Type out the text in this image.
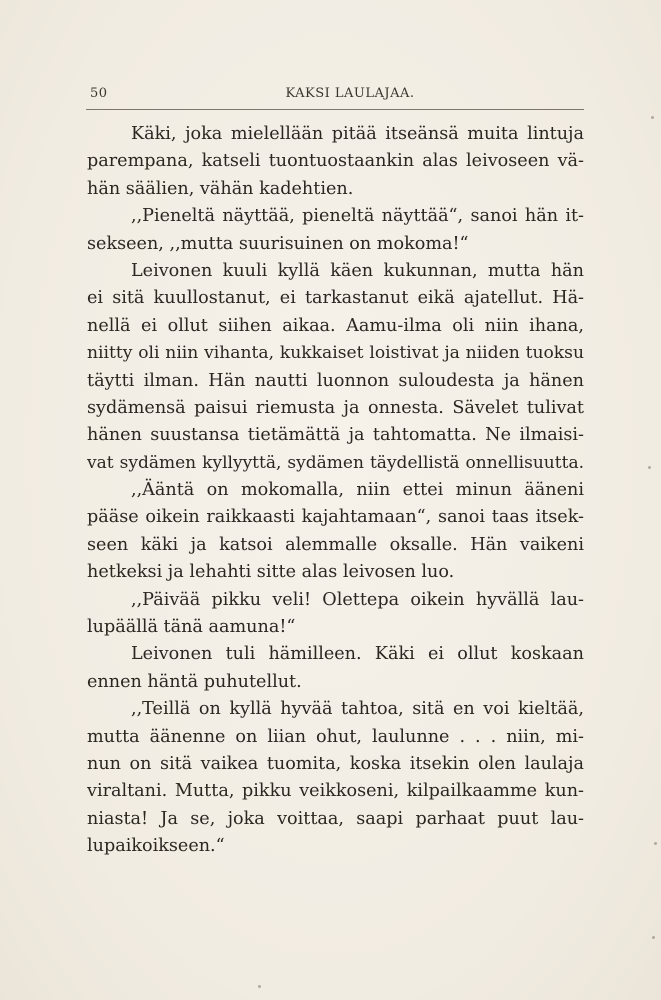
50	KAKSI LAULAJAA.
Käki, joka mielellään pitää itseänsä muita lintuja
parempana, katseli tuontuostaankin alas leivoseen vä-
hän säälien, vähän kadehtien.
,,Pieneltä näyttää, pieneltä näyttää“, sanoi hän it-
sekseen, ,,mutta suurisuinen on mokoma!“
Leivonen kuuli kyllä käen kukunnan, mutta hän
ei sitä kuullostanut, ei tarkastanut eikä ajatellut. Hä-
nellä ei ollut siihen aikaa. Aamu-ilma oli niin ihana,
niitty oli niin vihanta, kukkaiset loistivat ja niiden tuoksu
täytti ilman. Hän nautti luonnon suloudesta ja hänen
sydämensä paisui riemusta ja onnesta. Sävelet tulivat
hänen suustansa tietämättä ja tahtomatta. Ne ilmaisi-
vat sydämen kyllyyttä, sydämen täydellistä onnellisuutta.
,,Ääntä on mokomalla, niin ettei minun ääneni
pääse oikein raikkaasti kajahtamaan“, sanoi taas itsek-
seen käki ja katsoi alemmalle oksalle. Hän vaikeni
hetkeksi ja lehahti sitte alas leivosen luo.
,,Päivää pikku veli! Olettepa oikein hyvällä lau-
lupäällä tänä aamuna!“
Leivonen tuli hämilleen. Käki ei ollut koskaan
ennen häntä puhutellut.
,,Teillä on kyllä hyvää tahtoa, sitä en voi kieltää,
mutta äänenne on liian ohut, laulunne . . . niin, mi-
nun on sitä vaikea tuomita, koska itsekin olen laulaja
viraltani. Mutta, pikku veikkoseni, kilpailkaamme kun-
niasta! Ja se, joka voittaa, saapi parhaat puut lau-
lupaikoikseen.“
